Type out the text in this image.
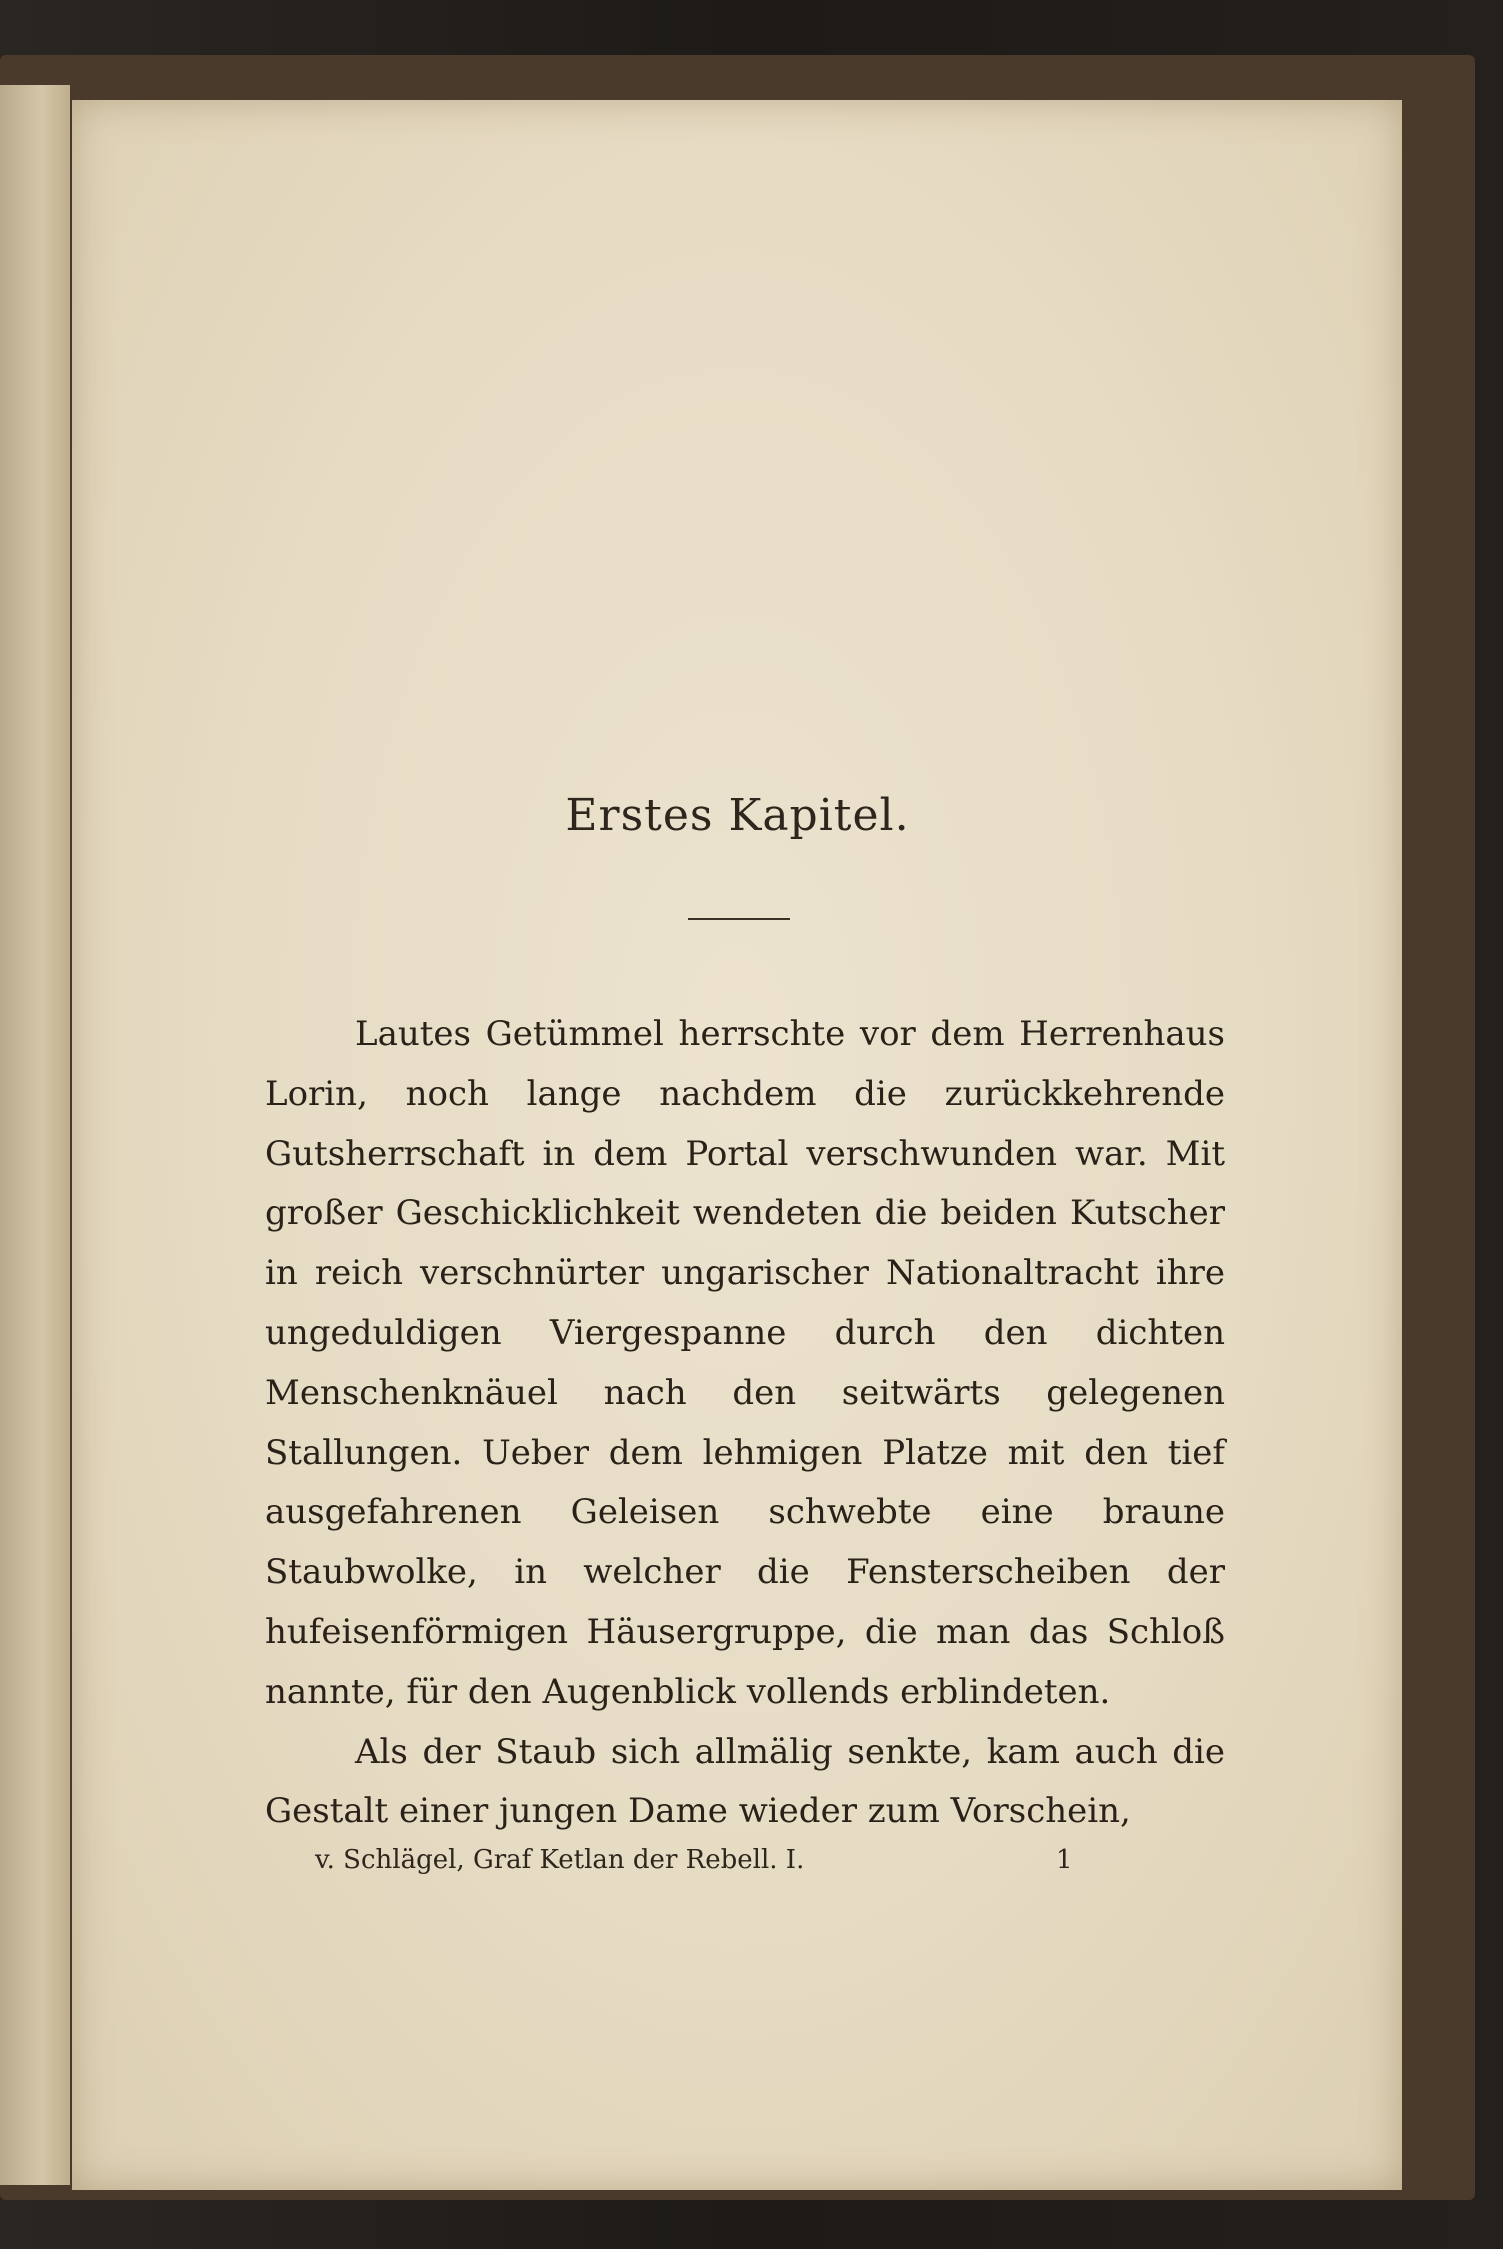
Erstes Kapitel.

Lautes Getümmel herrschte vor dem Herrenhaus Lorin, noch lange nachdem die zurückkehrende Gutsherrschaft in dem Portal verschwunden war. Mit großer Geschicklichkeit wendeten die beiden Kutscher in reich verschnürter ungarischer Nationaltracht ihre ungeduldigen Viergespanne durch den dichten Menschenknäuel nach den seitwärts gelegenen Stallungen. Ueber dem lehmigen Platze mit den tief ausgefahrenen Geleisen schwebte eine braune Staubwolke, in welcher die Fensterscheiben der hufeisenförmigen Häusergruppe, die man das Schloß nannte, für den Augenblick vollends erblindeten.

Als der Staub sich allmälig senkte, kam auch die Gestalt einer jungen Dame wieder zum Vorschein,

v. Schlägel, Graf Ketlan der Rebell. I.	1
